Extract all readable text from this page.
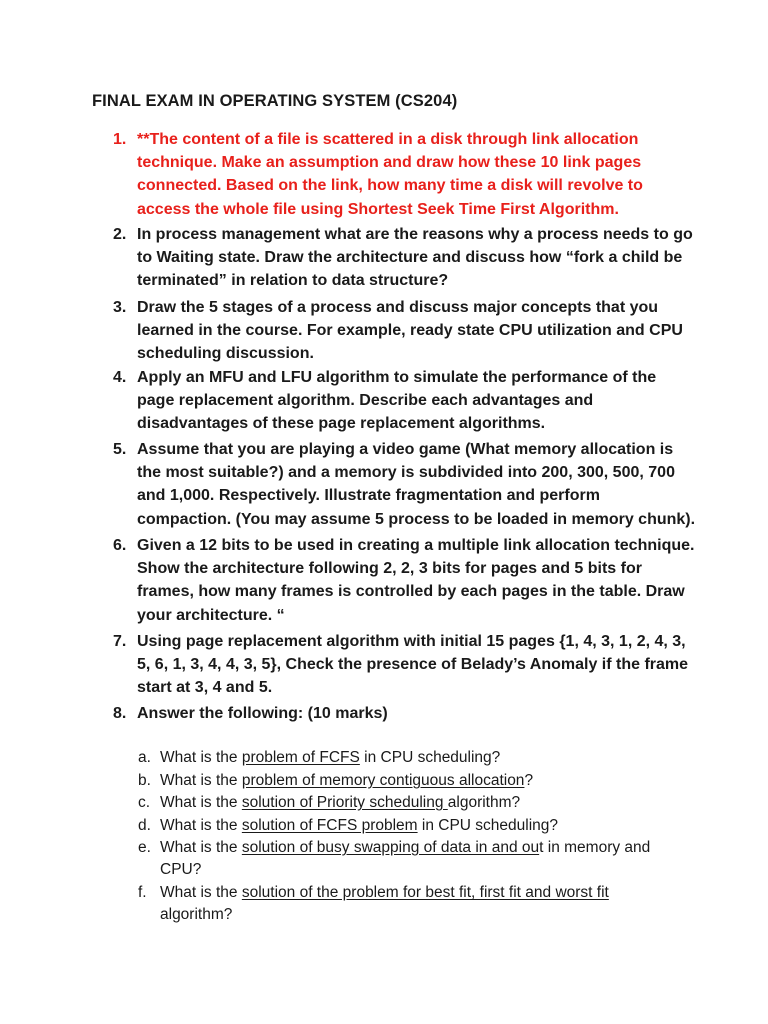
FINAL EXAM IN OPERATING SYSTEM (CS204)
1. **The content of a file is scattered in a disk through link allocation technique. Make an assumption and draw how these 10 link pages connected. Based on the link, how many time a disk will revolve to access the whole file using Shortest Seek Time First Algorithm.
2. In process management what are the reasons why a process needs to go to Waiting state. Draw the architecture and discuss how “fork a child be terminated” in relation to data structure?
3. Draw the 5 stages of a process and discuss major concepts that you learned in the course. For example, ready state CPU utilization and CPU scheduling discussion.
4. Apply an MFU and LFU algorithm to simulate the performance of the page replacement algorithm. Describe each advantages and disadvantages of these page replacement algorithms.
5. Assume that you are playing a video game (What memory allocation is the most suitable?) and a memory is subdivided into 200, 300, 500, 700 and 1,000. Respectively. Illustrate fragmentation and perform compaction. (You may assume 5 process to be loaded in memory chunk).
6. Given a 12 bits to be used in creating a multiple link allocation technique. Show the architecture following 2, 2, 3 bits for pages and 5 bits for frames, how many frames is controlled by each pages in the table. Draw your architecture. “
7. Using page replacement algorithm with initial 15 pages {1, 4, 3, 1, 2, 4, 3, 5, 6, 1, 3, 4, 4, 3, 5}, Check the presence of Belady’s Anomaly if the frame start at 3, 4 and 5.
8. Answer the following: (10 marks)
a. What is the problem of FCFS in CPU scheduling?
b. What is the problem of memory contiguous allocation?
c. What is the solution of Priority scheduling algorithm?
d. What is the solution of FCFS problem in CPU scheduling?
e. What is the solution of busy swapping of data in and out in memory and CPU?
f. What is the solution of the problem for best fit, first fit and worst fit algorithm?
